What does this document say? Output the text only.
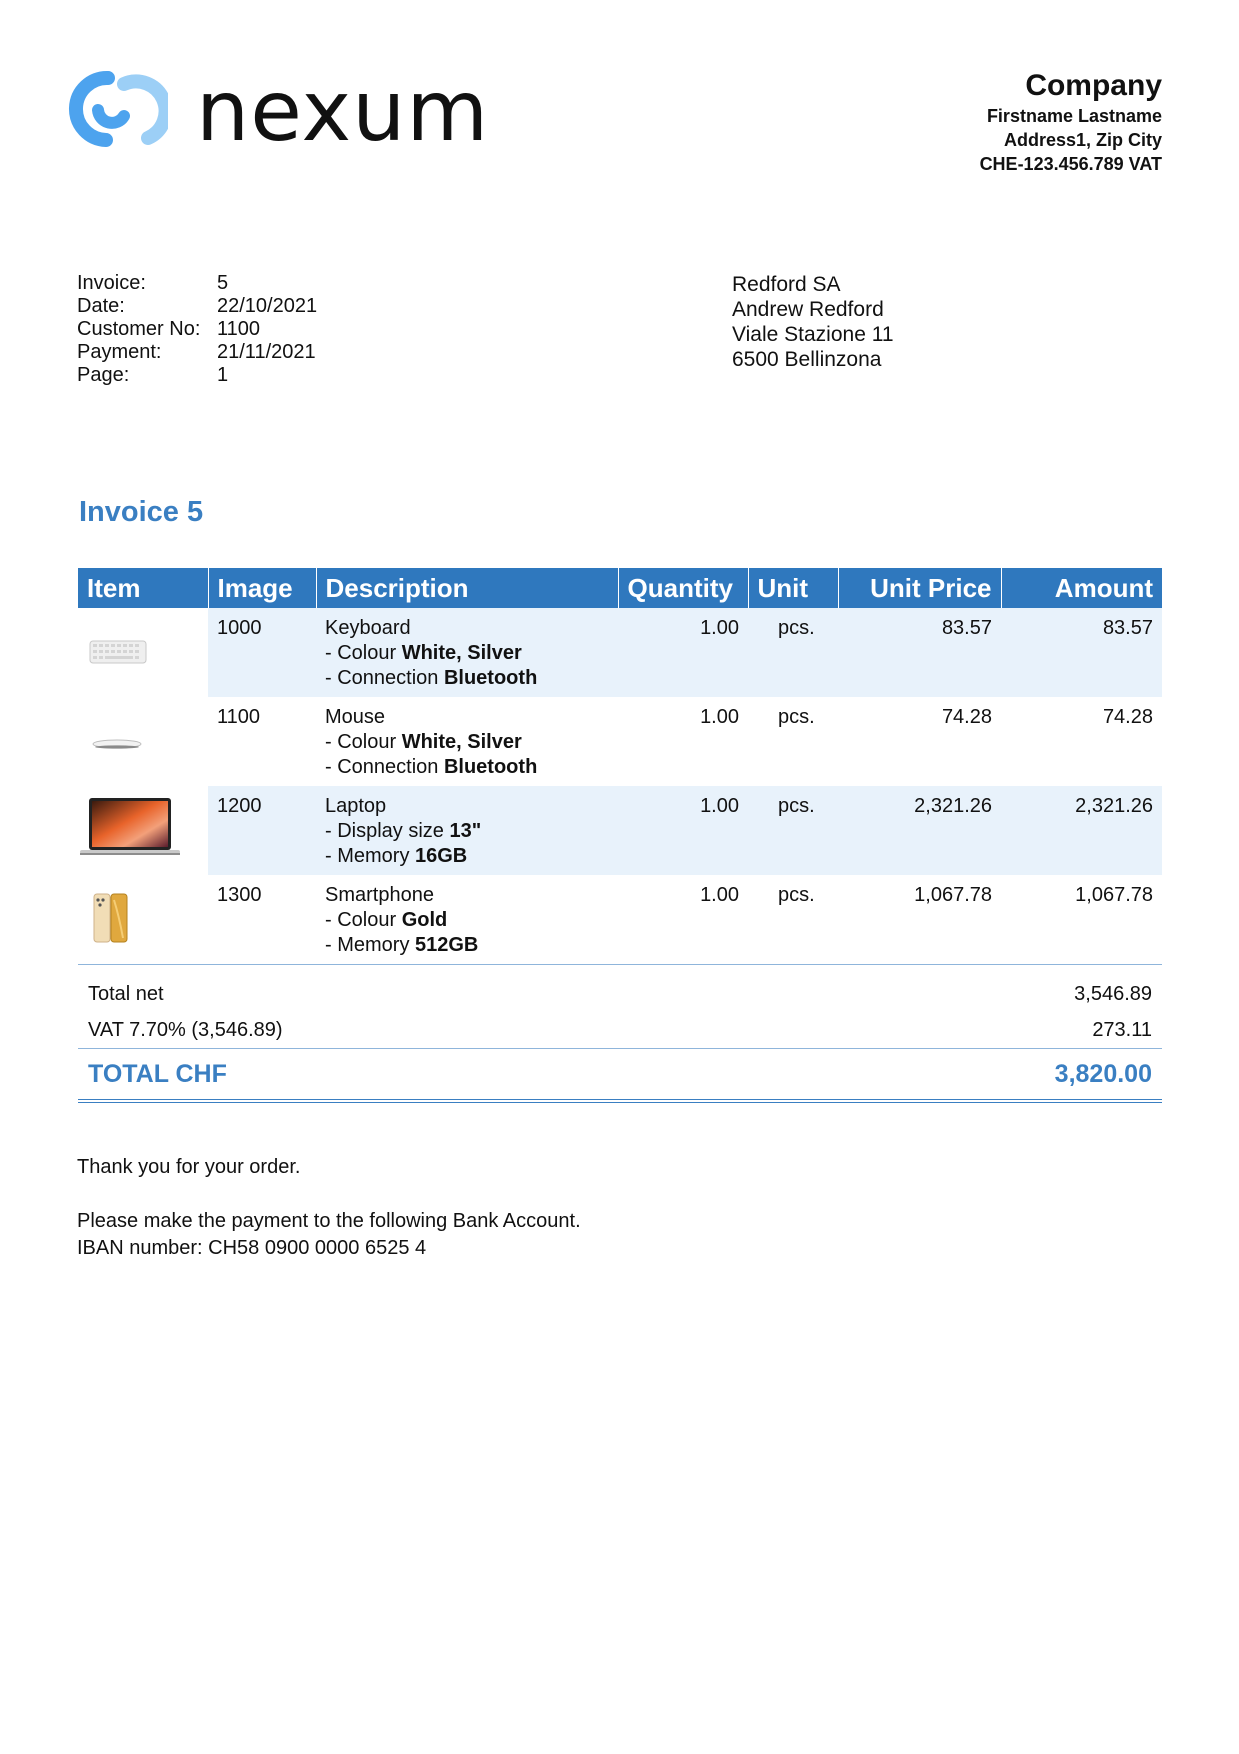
nexum	Company
Firstname Lastname
Address1, Zip City
CHE-123.456.789 VAT
Invoice:	5
Date:	22/10/2021
Customer No: 1100
Payment:	21/11/2021
Page:	1
Redford SA
Andrew Redford
Viale Stazione 11
6500 Bellinzona
Invoice 5
Item	Image	Description	Quantity	Unit	Unit Price	Amount
	1000	Keyboard
- Colour White, Silver
- Connection Bluetooth	1.00	pcs.	83.57	83.57
	1100	Mouse
- Colour White, Silver
- Connection Bluetooth	1.00	pcs.	74.28	74.28
	1200	Laptop
- Display size 13"
- Memory 16GB	1.00	pcs.	2,321.26	2,321.26
	1300	Smartphone
- Colour Gold
- Memory 512GB	1.00	pcs.	1,067.78	1,067.78
Total net	3,546.89
VAT 7.70% (3,546.89)	273.11
TOTAL CHF	3,820.00
Thank you for your order.
Please make the payment to the following Bank Account.
IBAN number: CH58 0900 0000 6525 4
